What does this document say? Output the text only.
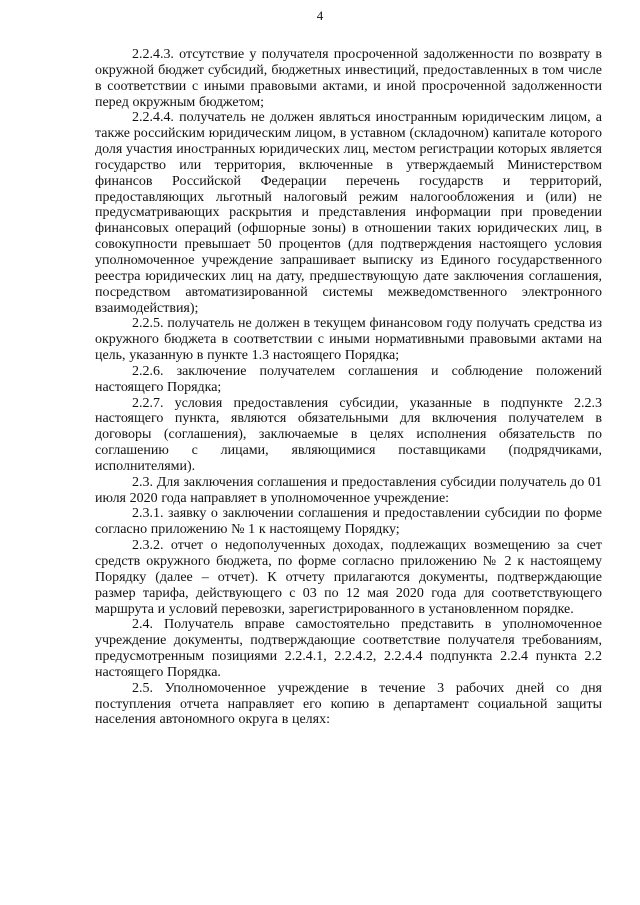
4

2.2.4.3. отсутствие у получателя просроченной задолженности по возврату в окружной бюджет субсидий, бюджетных инвестиций, предоставленных в том числе в соответствии с иными правовыми актами, и иной просроченной задолженности перед окружным бюджетом;

2.2.4.4. получатель не должен являться иностранным юридическим лицом, а также российским юридическим лицом, в уставном (складочном) капитале которого доля участия иностранных юридических лиц, местом регистрации которых является государство или территория, включенные в утверждаемый Министерством финансов Российской Федерации перечень государств и территорий, предоставляющих льготный налоговый режим налогообложения и (или) не предусматривающих раскрытия и представления информации при проведении финансовых операций (офшорные зоны) в отношении таких юридических лиц, в совокупности превышает 50 процентов (для подтверждения настоящего условия уполномоченное учреждение запрашивает выписку из Единого государственного реестра юридических лиц на дату, предшествующую дате заключения соглашения, посредством автоматизированной системы межведомственного электронного взаимодействия);

2.2.5. получатель не должен в текущем финансовом году получать средства из окружного бюджета в соответствии с иными нормативными правовыми актами на цель, указанную в пункте 1.3 настоящего Порядка;

2.2.6. заключение получателем соглашения и соблюдение положений настоящего Порядка;

2.2.7. условия предоставления субсидии, указанные в подпункте 2.2.3 настоящего пункта, являются обязательными для включения получателем в договоры (соглашения), заключаемые в целях исполнения обязательств по соглашению с лицами, являющимися поставщиками (подрядчиками, исполнителями).

2.3. Для заключения соглашения и предоставления субсидии получатель до 01 июля 2020 года направляет в уполномоченное учреждение:

2.3.1. заявку о заключении соглашения и предоставлении субсидии по форме согласно приложению № 1 к настоящему Порядку;

2.3.2. отчет о недополученных доходах, подлежащих возмещению за счет средств окружного бюджета, по форме согласно приложению № 2 к настоящему Порядку (далее – отчет). К отчету прилагаются документы, подтверждающие размер тарифа, действующего с 03 по 12 мая 2020 года для соответствующего маршрута и условий перевозки, зарегистрированного в установленном порядке.

2.4. Получатель вправе самостоятельно представить в уполномоченное учреждение документы, подтверждающие соответствие получателя требованиям, предусмотренным позициями 2.2.4.1, 2.2.4.2, 2.2.4.4 подпункта 2.2.4 пункта 2.2 настоящего Порядка.

2.5. Уполномоченное учреждение в течение 3 рабочих дней со дня поступления отчета направляет его копию в департамент социальной защиты населения автономного округа в целях:
